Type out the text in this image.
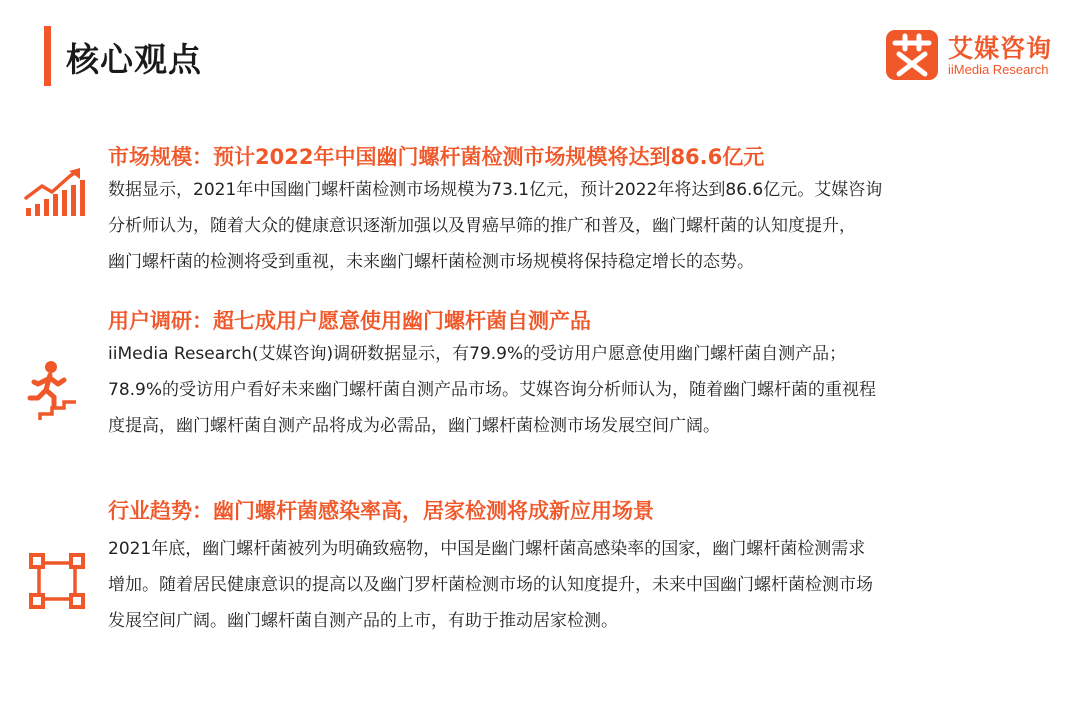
核心观点	艾媒咨询
iiMedia Research
市场规模：预计2022年中国幽门螺杆菌检测市场规模将达到86.6亿元

数据显示，2021年中国幽门螺杆菌检测市场规模为73.1亿元，预计2022年将达到86.6亿元。艾媒咨询
分析师认为，随着大众的健康意识逐渐加强以及胃癌早筛的推广和普及，幽门螺杆菌的认知度提升，
幽门螺杆菌的检测将受到重视，未来幽门螺杆菌检测市场规模将保持稳定增长的态势。

用户调研：超七成用户愿意使用幽门螺杆菌自测产品

iiMedia Research(艾媒咨询)调研数据显示，有79.9%的受访用户愿意使用幽门螺杆菌自测产品；
78.9%的受访用户看好未来幽门螺杆菌自测产品市场。艾媒咨询分析师认为，随着幽门螺杆菌的重视程
度提高，幽门螺杆菌自测产品将成为必需品，幽门螺杆菌检测市场发展空间广阔。

行业趋势：幽门螺杆菌感染率高，居家检测将成新应用场景

2021年底，幽门螺杆菌被列为明确致癌物，中国是幽门螺杆菌高感染率的国家，幽门螺杆菌检测需求
增加。随着居民健康意识的提高以及幽门罗杆菌检测市场的认知度提升，未来中国幽门螺杆菌检测市场
发展空间广阔。幽门螺杆菌自测产品的上市，有助于推动居家检测。
